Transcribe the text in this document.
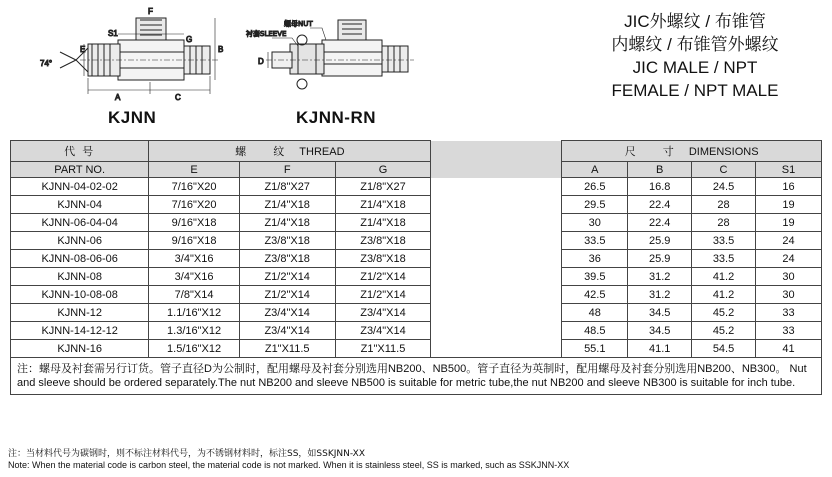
F
S1
E
G
B
74°
A	C
螺母NUT
衬套SLEEVE
D
KJNN	KJNN-RN
JIC外螺纹 / 布锥管
内螺纹 / 布锥管外螺纹
JIC MALE / NPT
FEMALE / NPT MALE
代 号	螺 纹 THREAD				尺 寸 DIMENSIONS			
PART NO.	E	F	G		A	B	C	S1
KJNN-04-02-02	7/16"X20	Z1/8"X27	Z1/8"X27		26.5	16.8	24.5	16
KJNN-04	7/16"X20	Z1/4"X18	Z1/4"X18		29.5	22.4	28	19
KJNN-06-04-04	9/16"X18	Z1/4"X18	Z1/4"X18		30	22.4	28	19
KJNN-06	9/16"X18	Z3/8"X18	Z3/8"X18		33.5	25.9	33.5	24
KJNN-08-06-06	3/4"X16	Z3/8"X18	Z3/8"X18		36	25.9	33.5	24
KJNN-08	3/4"X16	Z1/2"X14	Z1/2"X14		39.5	31.2	41.2	30
KJNN-10-08-08	7/8"X14	Z1/2"X14	Z1/2"X14		42.5	31.2	41.2	30
KJNN-12	1.1/16"X12	Z3/4"X14	Z3/4"X14		48	34.5	45.2	33
KJNN-14-12-12	1.3/16"X12	Z3/4"X14	Z3/4"X14		48.5	34.5	45.2	33
KJNN-16	1.5/16"X12	Z1"X11.5	Z1"X11.5		55.1	41.1	54.5	41
注：螺母及衬套需另行订货。管子直径D为公制时，配用螺母及衬套分别选用NB200、NB500。管子直径为英制时，配用螺母及衬套分别选用NB200、NB300。 Nut and sleeve should be ordered separately.The nut NB200 and sleeve NB500 is suitable for metric tube,the nut NB200 and sleeve NB300 is suitable for inch tube.								
注：当材料代号为碳钢时，则不标注材料代号，为不锈钢材料时，标注SS，如SSKJNN-XX
Note: When the material code is carbon steel, the material code is not marked. When it is stainless steel, SS is marked, such as SSKJNN-XX
